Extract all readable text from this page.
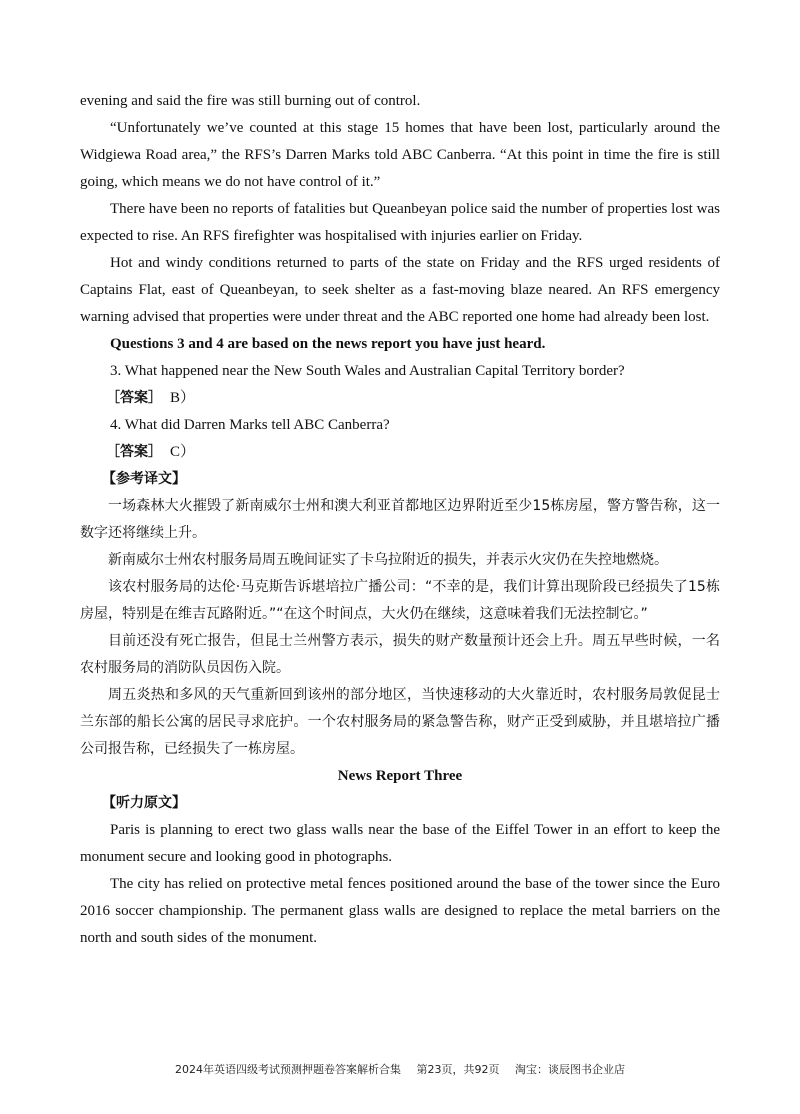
evening and said the fire was still burning out of control.

“Unfortunately we’ve counted at this stage 15 homes that have been lost, particularly around the Widgiewa Road area,” the RFS’s Darren Marks told ABC Canberra. “At this point in time the fire is still going, which means we do not have control of it.”

There have been no reports of fatalities but Queanbeyan police said the number of properties lost was expected to rise. An RFS firefighter was hospitalised with injuries earlier on Friday.

Hot and windy conditions returned to parts of the state on Friday and the RFS urged residents of Captains Flat, east of Queanbeyan, to seek shelter as a fast-moving blaze neared. An RFS emergency warning advised that properties were under threat and the ABC reported one home had already been lost.

Questions 3 and 4 are based on the news report you have just heard.

3. What happened near the New South Wales and Australian Capital Territory border?

［答案］ B）

4. What did Darren Marks tell ABC Canberra?

［答案］ C）

【参考译文】

一场森林大火摧毁了新南威尔士州和澳大利亚首都地区边界附近至少15栋房屋，警方警告称，这一数字还将继续上升。

新南威尔士州农村服务局周五晚间证实了卡乌拉附近的损失，并表示火灾仍在失控地燃烧。

该农村服务局的达伦·马克斯告诉堪培拉广播公司：“不幸的是，我们计算出现阶段已经损失了15栋房屋，特别是在维吉瓦路附近。”“在这个时间点，大火仍在继续，这意味着我们无法控制它。”

目前还没有死亡报告，但昆士兰州警方表示，损失的财产数量预计还会上升。周五早些时候，一名农村服务局的消防队员因伤入院。

周五炎热和多风的天气重新回到该州的部分地区，当快速移动的大火靠近时，农村服务局敦促昆士兰东部的船长公寓的居民寻求庇护。一个农村服务局的紧急警告称，财产正受到威胁，并且堪培拉广播公司报告称，已经损失了一栋房屋。

News Report Three

【听力原文】

Paris is planning to erect two glass walls near the base of the Eiffel Tower in an effort to keep the monument secure and looking good in photographs.

The city has relied on protective metal fences positioned around the base of the tower since the Euro 2016 soccer championship. The permanent glass walls are designed to replace the metal barriers on the north and south sides of the monument.

2024年英语四级考试预测押题卷答案解析合集 第23页，共92页 淘宝：谈辰图书企业店
